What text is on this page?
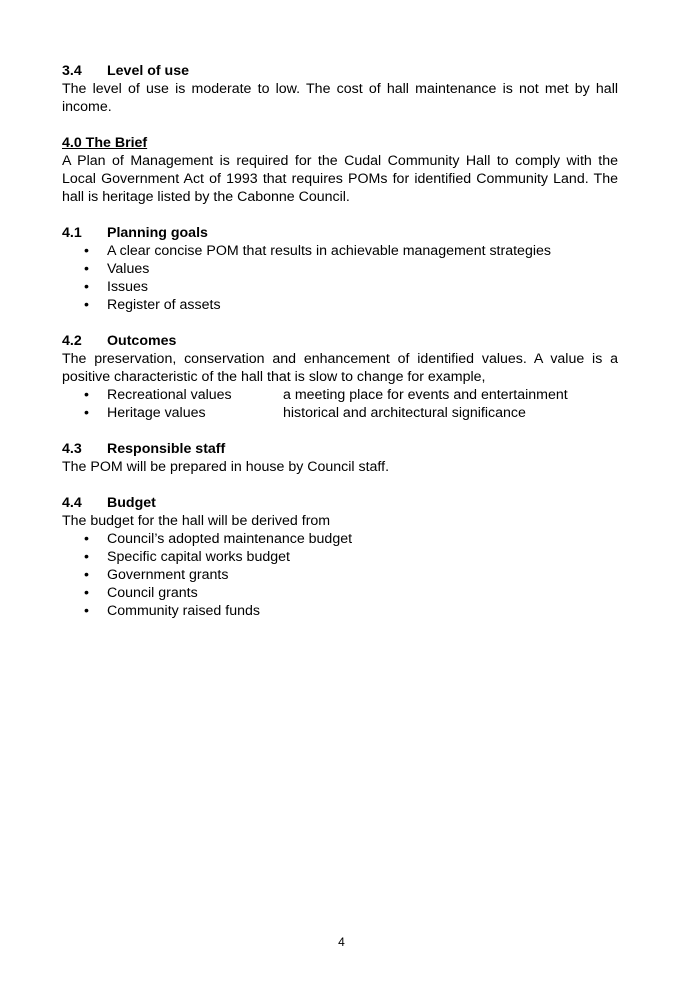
3.4	Level of use
The level of use is moderate to low. The cost of hall maintenance is not met by hall income.
4.0 The Brief
A Plan of Management is required for the Cudal Community Hall to comply with the Local Government Act of 1993 that requires POMs for identified Community Land. The hall is heritage listed by the Cabonne Council.
4.1	Planning goals
• A clear concise POM that results in achievable management strategies
• Values
• Issues
• Register of assets
4.2	Outcomes
The preservation, conservation and enhancement of identified values. A value is a positive characteristic of the hall that is slow to change for example,
• Recreational values	a meeting place for events and entertainment
• Heritage values	historical and architectural significance
4.3	Responsible staff
The POM will be prepared in house by Council staff.
4.4	Budget
The budget for the hall will be derived from
• Council’s adopted maintenance budget
• Specific capital works budget
• Government grants
• Council grants
• Community raised funds
4
